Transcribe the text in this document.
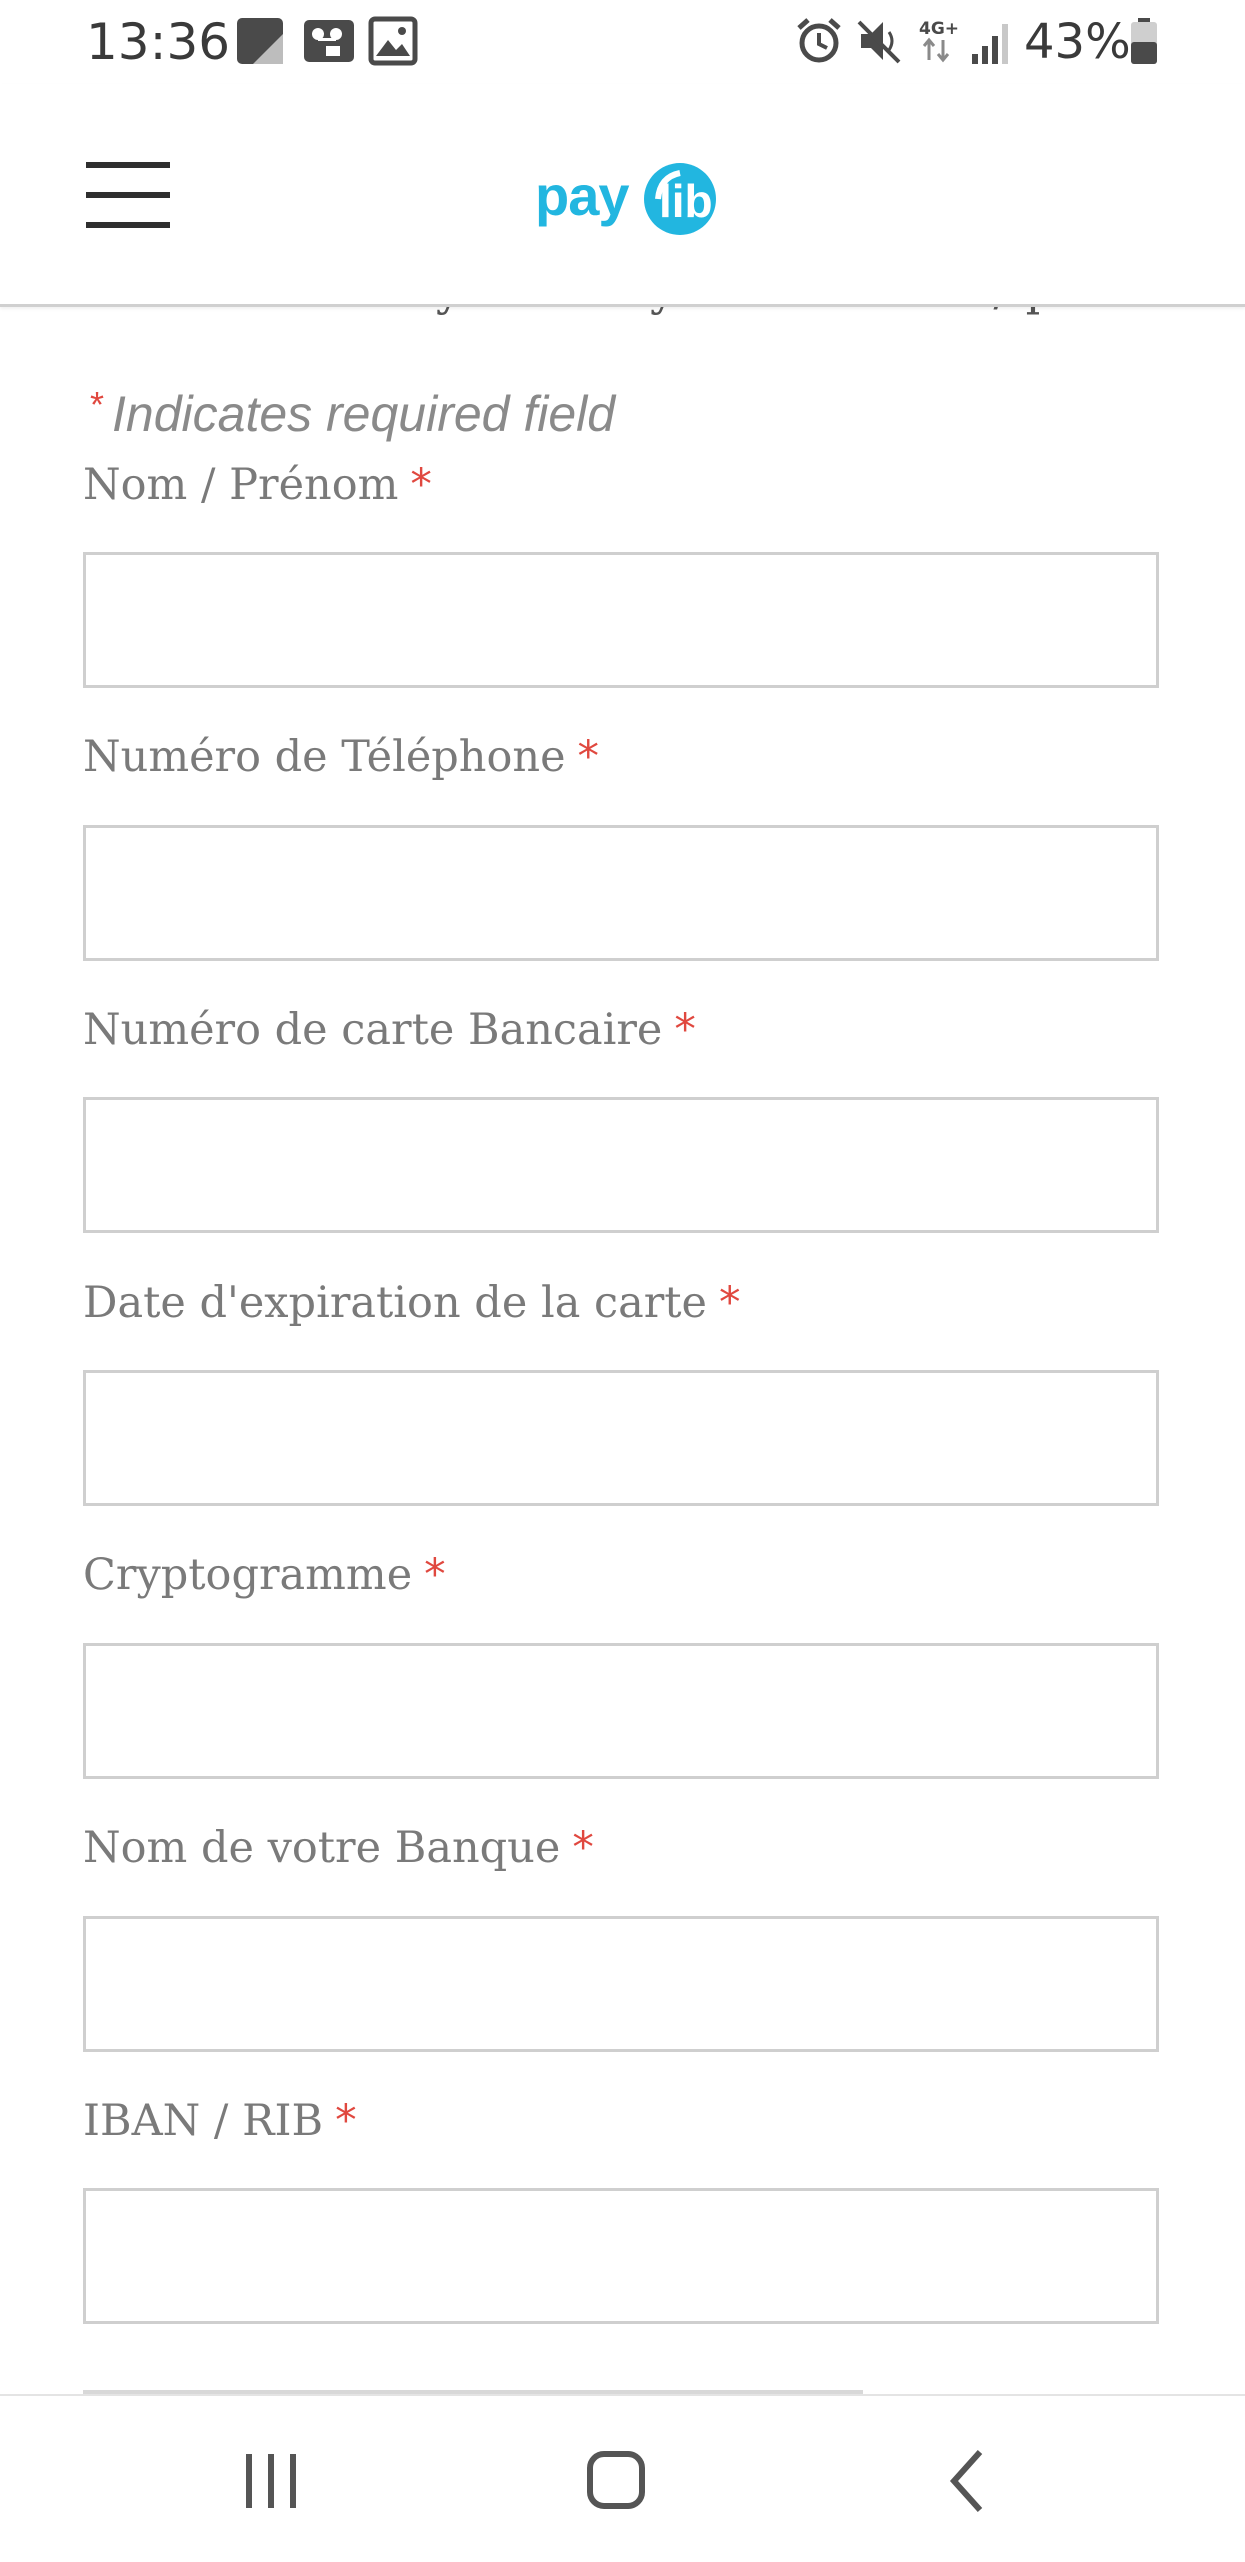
13:36	4G+ 43%
pay lib
* Indicates required field
Nom / Prénom *
Numéro de Téléphone *
Numéro de carte Bancaire *
Date d'expiration de la carte *
Cryptogramme *
Nom de votre Banque *
IBAN / RIB *
